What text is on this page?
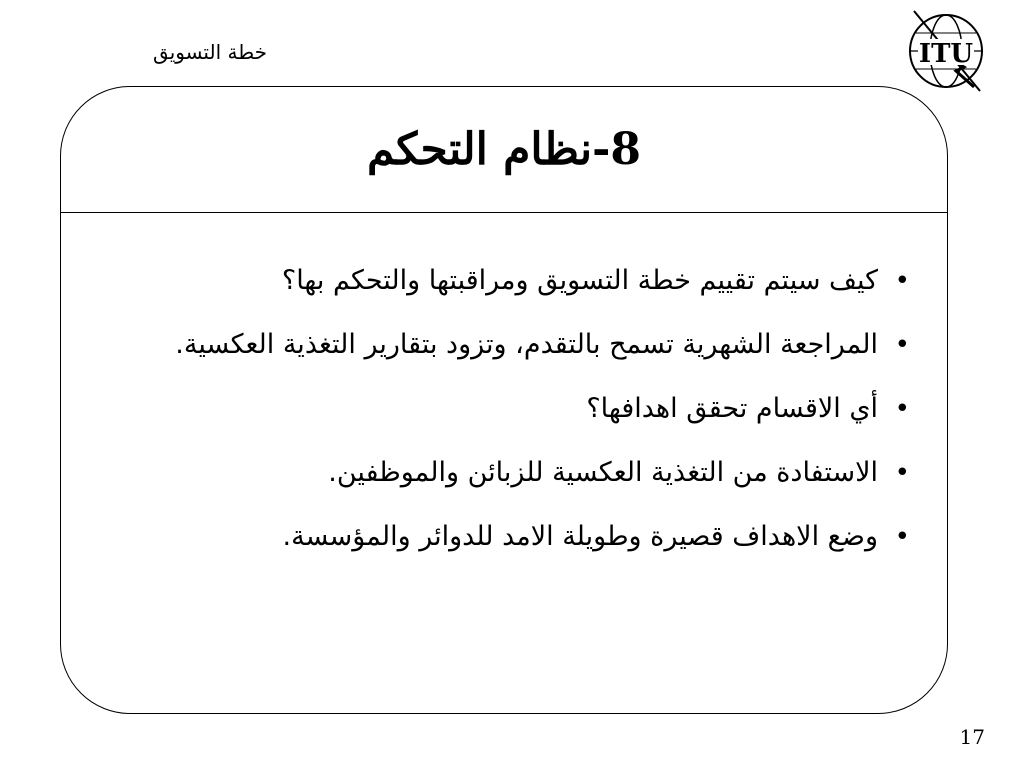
خطة التسويق	ITU
8-نظام التحكم
• كيف سيتم تقييم خطة التسويق ومراقبتها والتحكم بها؟
• المراجعة الشهرية تسمح بالتقدم، وتزود بتقارير التغذية العكسية.
• أي الاقسام تحقق اهدافها؟
• الاستفادة من التغذية العكسية للزبائن والموظفين.
• وضع الاهداف قصيرة وطويلة الامد للدوائر والمؤسسة.
17
